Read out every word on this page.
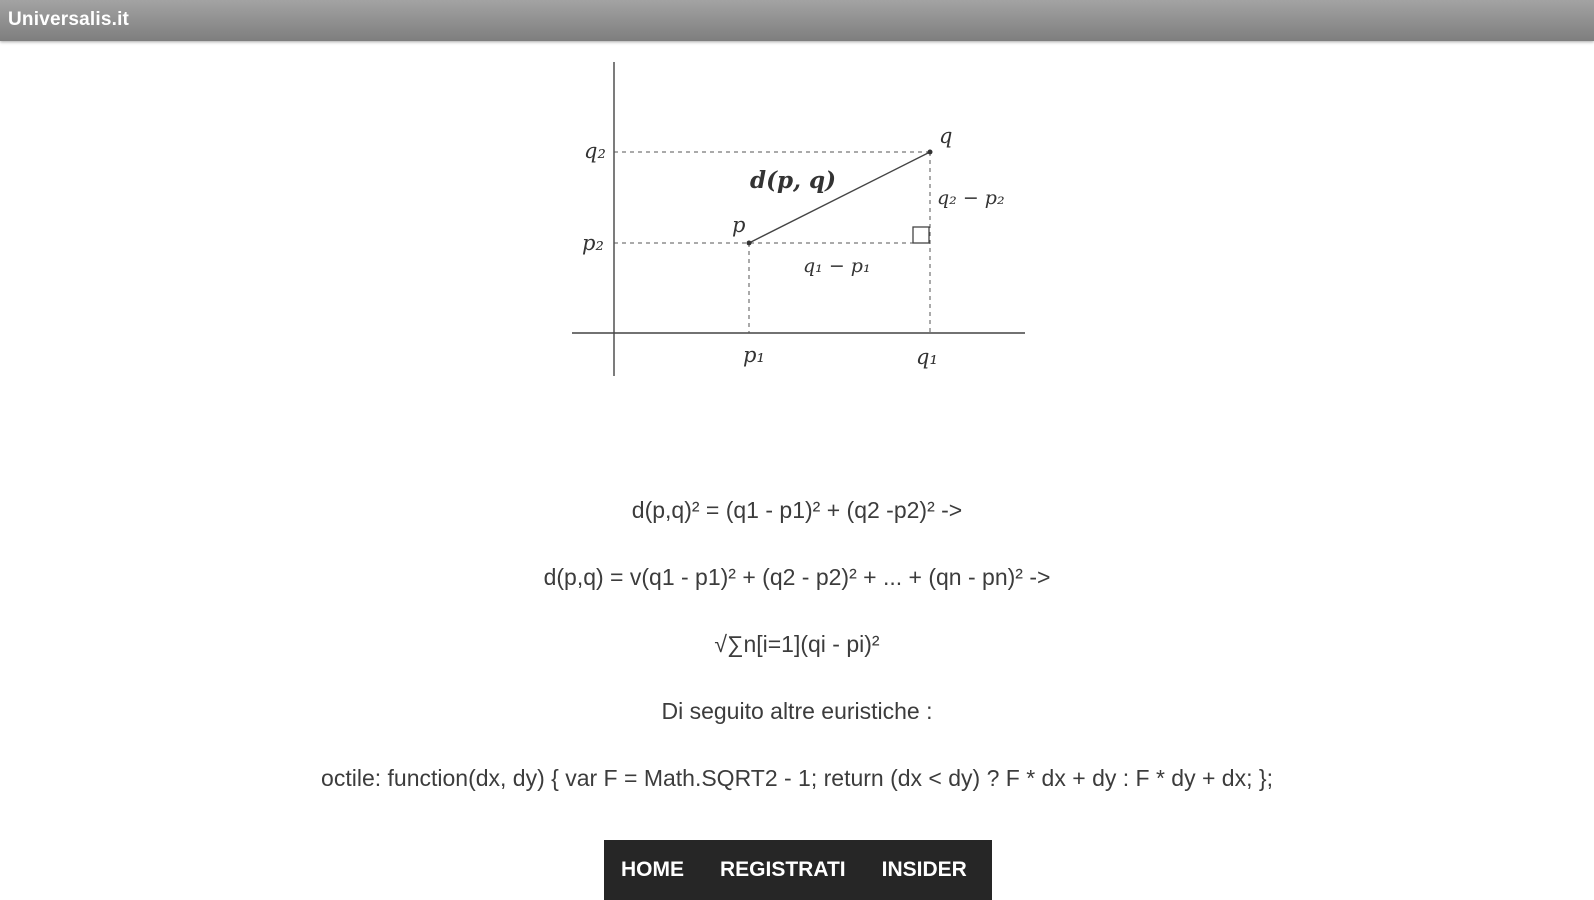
Universalis.it
q₂
p₂
p₁	q₁
p
q
d(p, q)
q₂ − p₂
q₁ − p₁
d(p,q)² = (q1 - p1)² + (q2 -p2)² ->
d(p,q) = v(q1 - p1)² + (q2 - p2)² + ... + (qn - pn)² ->
√∑n[i=1](qi - pi)²
Di seguito altre euristiche :
octile: function(dx, dy) { var F = Math.SQRT2 - 1; return (dx < dy) ? F * dx + dy : F * dy + dx; };
HOME REGISTRATI INSIDER
